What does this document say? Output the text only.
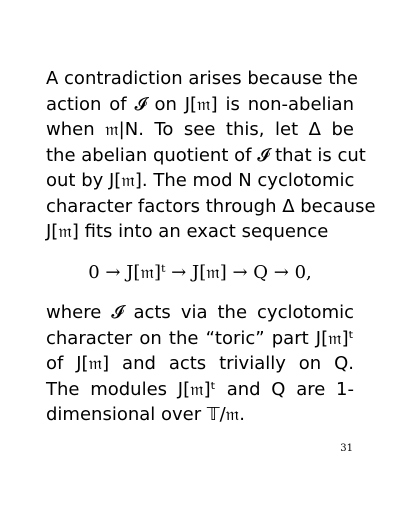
A contradiction arises because the
action of 𝓘 on J[𝔪] is non-abelian
when 𝔪|N. To see this, let Δ be
the abelian quotient of 𝓘 that is cut
out by J[𝔪]. The mod N cyclotomic
character factors through Δ because
J[𝔪] fits into an exact sequence
0 → J[𝔪]ᵗ → J[𝔪] → Q → 0,
where 𝓘 acts via the cyclotomic
character on the “toric” part J[𝔪]ᵗ
of J[𝔪] and acts trivially on Q.
The modules J[𝔪]ᵗ and Q are 1-
dimensional over 𝕋/𝔪.
31
